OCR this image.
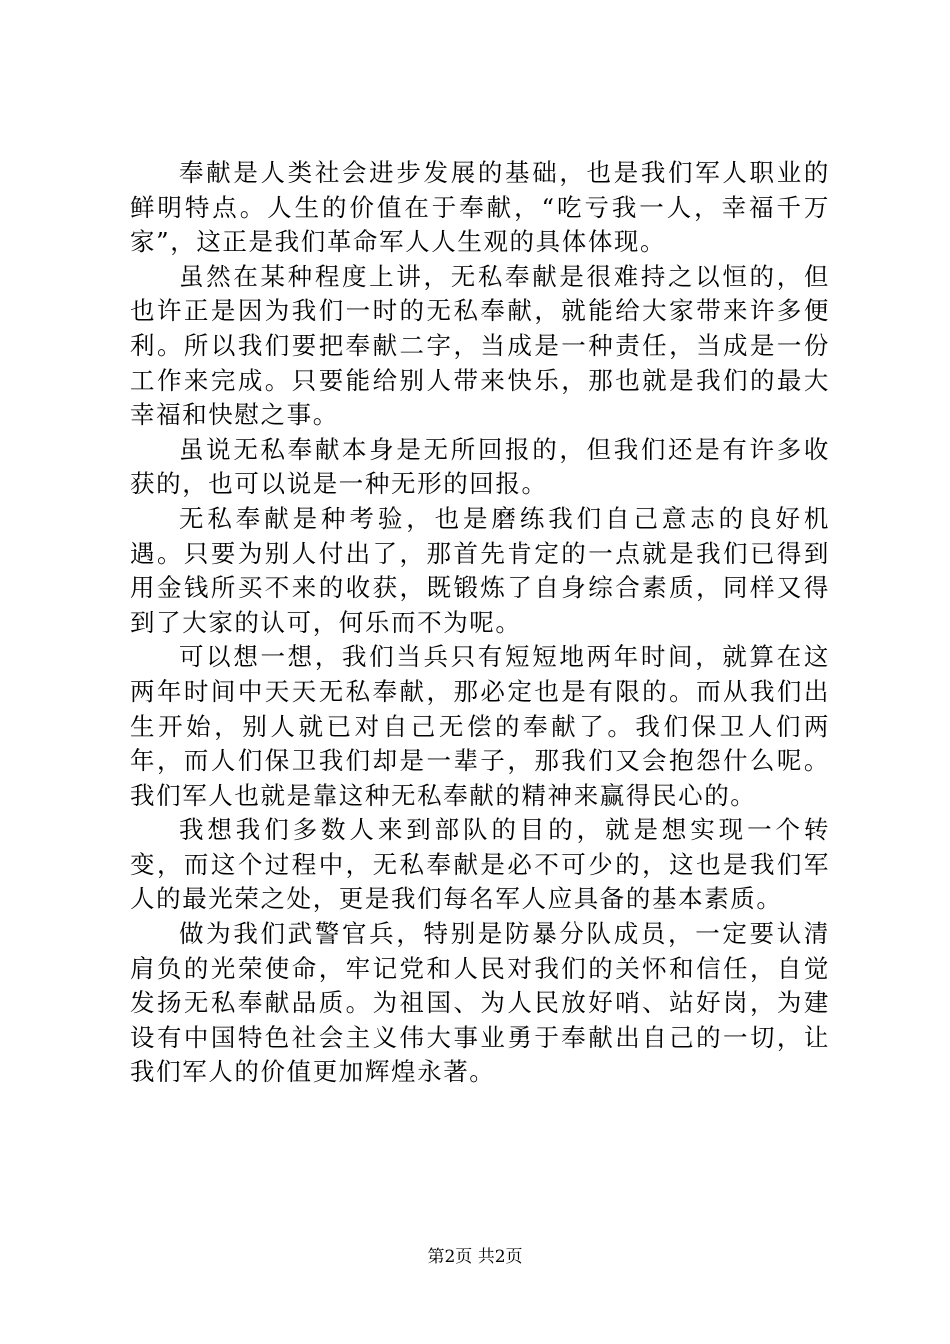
奉献是人类社会进步发展的基础，也是我们军人职业的鲜明特点。人生的价值在于奉献，“吃亏我一人，幸福千万家”，这正是我们革命军人人生观的具体体现。

虽然在某种程度上讲，无私奉献是很难持之以恒的，但也许正是因为我们一时的无私奉献，就能给大家带来许多便利。所以我们要把奉献二字，当成是一种责任，当成是一份工作来完成。只要能给别人带来快乐，那也就是我们的最大幸福和快慰之事。

虽说无私奉献本身是无所回报的，但我们还是有许多收获的，也可以说是一种无形的回报。

无私奉献是种考验，也是磨练我们自己意志的良好机遇。只要为别人付出了，那首先肯定的一点就是我们已得到用金钱所买不来的收获，既锻炼了自身综合素质，同样又得到了大家的认可，何乐而不为呢。

可以想一想，我们当兵只有短短地两年时间，就算在这两年时间中天天无私奉献，那必定也是有限的。而从我们出生开始，别人就已对自己无偿的奉献了。我们保卫人们两年，而人们保卫我们却是一辈子，那我们又会抱怨什么呢。我们军人也就是靠这种无私奉献的精神来赢得民心的。

我想我们多数人来到部队的目的，就是想实现一个转变，而这个过程中，无私奉献是必不可少的，这也是我们军人的最光荣之处，更是我们每名军人应具备的基本素质。

做为我们武警官兵，特别是防暴分队成员，一定要认清肩负的光荣使命，牢记党和人民对我们的关怀和信任，自觉发扬无私奉献品质。为祖国、为人民放好哨、站好岗，为建设有中国特色社会主义伟大事业勇于奉献出自己的一切，让我们军人的价值更加辉煌永著。

第2页 共2页
